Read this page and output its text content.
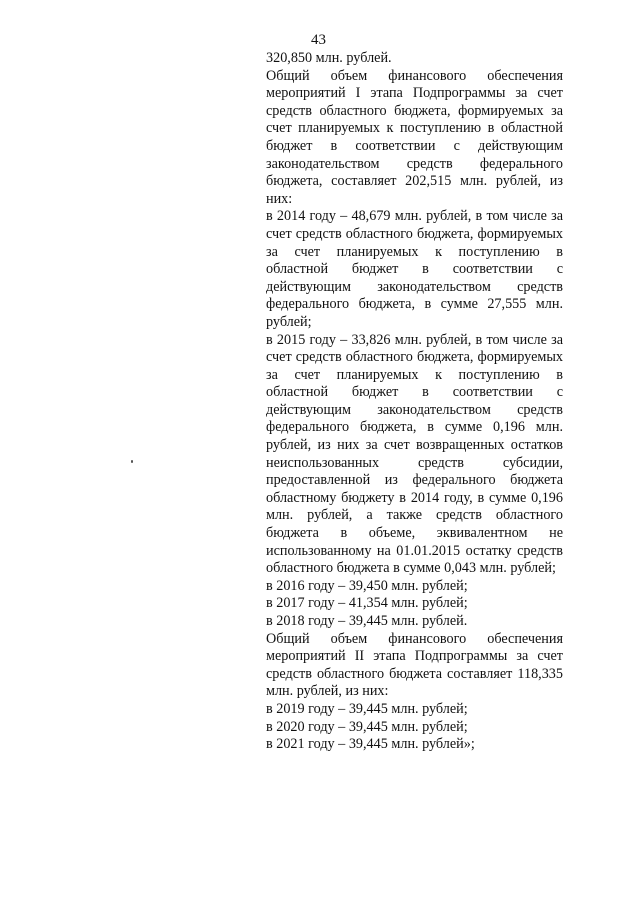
43

320,850 млн. рублей.

Общий объем финансового обеспечения мероприятий I этапа Подпрограммы за счет средств областного бюджета, формируемых за счет планируемых к поступлению в областной бюджет в соответствии с действующим законодательством средств федерального бюджета, составляет 202,515 млн. рублей, из них:

в 2014 году – 48,679 млн. рублей, в том числе за счет средств областного бюджета, формируемых за счет планируемых к поступлению в областной бюджет в соответствии с действующим законодательством средств федерального бюджета, в сумме 27,555 млн. рублей;

в 2015 году – 33,826 млн. рублей, в том числе за счет средств областного бюджета, формируемых за счет планируемых к поступлению в областной бюджет в соответствии с действующим законодательством средств федерального бюджета, в сумме 0,196 млн. рублей, из них за счет возвращенных остатков неиспользованных средств субсидии, предоставленной из федерального бюджета областному бюджету в 2014 году, в сумме 0,196 млн. рублей, а также средств областного бюджета в объеме, эквивалентном не использованному на 01.01.2015 остатку средств областного бюджета в сумме 0,043 млн. рублей;

в 2016 году – 39,450 млн. рублей;

в 2017 году – 41,354 млн. рублей;

в 2018 году – 39,445 млн. рублей.

Общий объем финансового обеспечения мероприятий II этапа Подпрограммы за счет средств областного бюджета составляет 118,335 млн. рублей, из них:

в 2019 году – 39,445 млн. рублей;

в 2020 году – 39,445 млн. рублей;

в 2021 году – 39,445 млн. рублей»;
